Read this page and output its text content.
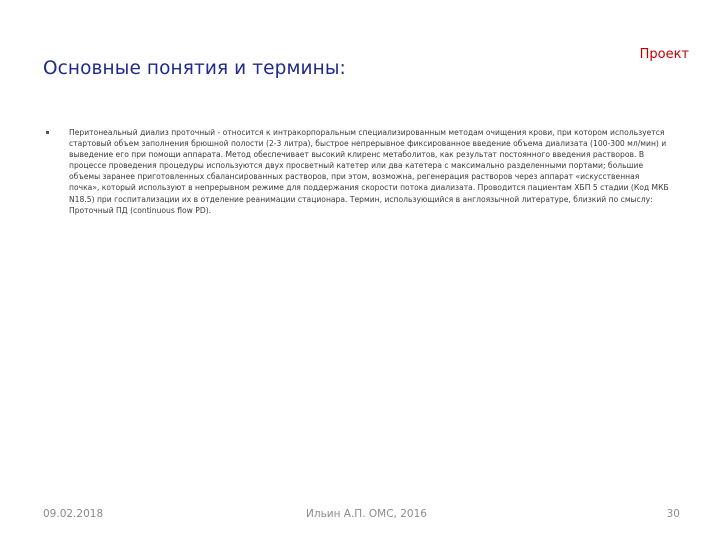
Основные понятия и термины:
Проект
Перитонеальный диализ проточный - относится к интракорпоральным специализированным методам очищения крови, при котором используется стартовый объем заполнения брюшной полости (2-3 литра), быстрое непрерывное фиксированное введение объема диализата (100-300 мл/мин) и выведение его при помощи аппарата. Метод обеспечивает высокий клиренс метаболитов, как результат постоянного введения растворов. В процессе проведения процедуры используются двух просветный катетер или два катетера с максимально разделенными портами; большие объемы заранее приготовленных сбалансированных растворов, при этом, возможна, регенерация растворов через аппарат «искусственная почка», который используют в непрерывном режиме для поддержания скорости потока диализата. Проводится пациентам ХБП 5 стадии (Код МКБ N18.5) при госпитализации их в отделение реанимации стационара. Термин, использующийся в англоязычной литературе, близкий по смыслу: Проточный ПД (continuous flow PD).
09.02.2018	Ильин А.П. ОМС, 2016	30
